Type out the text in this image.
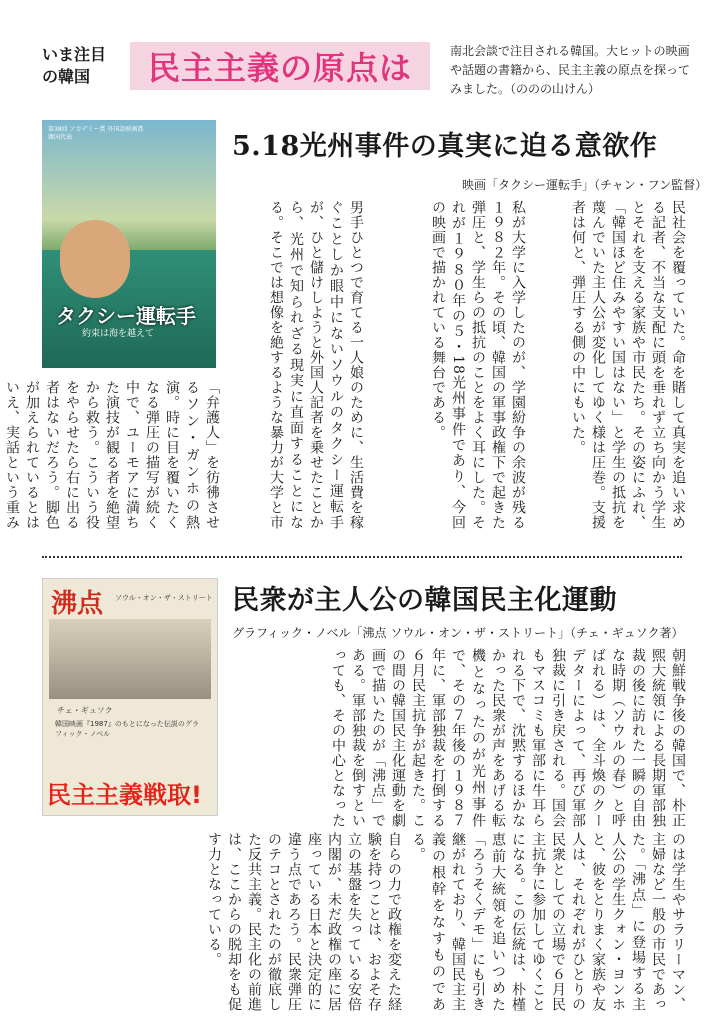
いま注目の韓国	民主主義の原点は	南北会談で注目される韓国。大ヒットの映画や話題の書籍から、民主主義の原点を探ってみました。（ののの山けん）
第38回 アカデミー賞 外国語映画賞 韓国代表
タクシー運転手
約束は海を越えて
5.18光州事件の真実に迫る意欲作
映画「タクシー運転手」（チャン・フン監督）
民社会を覆っていた。命を賭して真実を追い求める記者、不当な支配に頭を垂れず立ち向かう学生とそれを支える家族や市民たち。その姿にふれ、「韓国ほど住みやすい国はない」と学生の抵抗を蔑んでいた主人公が変化してゆく様は圧巻。支援者は何と、弾圧する側の中にもいた。
私が大学に入学したのが、学園紛争の余波が残る１９８２年。その頃、韓国の軍事政権下で起きた弾圧と、学生らの抵抗のことをよく耳にした。それが１９８０年の５・18光州事件であり、今回の映画で描かれている舞台である。
男手ひとつで育てる一人娘のために、生活費を稼ぐことしか眼中にないソウルのタクシー運転手が、ひと儲けしようと外国人記者を乗せたことから、光州で知られざる現実に直面することになる。そこでは想像を絶するような暴力が大学と市
「弁護人」を彷彿させるソン・ガンホの熱演。時に目を覆いたくなる弾圧の描写が続く中で、ユーモアに満ちた演技が観る者を絶望から救う。こういう役をやらせたら右に出る者はないだろう。脚色が加えられているとはいえ、実話という重み
沸点 ソウル・オン・ザ・ストリート
チェ・ギュソク
韓国映画『1987』のもとになった伝説のグラフィック・ノベル
民主主義戦取!
民衆が主人公の韓国民主化運動
グラフィック・ノベル「沸点 ソウル・オン・ザ・ストリート」（チェ・ギュソク著）
朝鮮戦争後の韓国で、朴正煕大統領による長期軍部独裁の後に訪れた一瞬の自由な時期（ソウルの春）と呼ばれる）は、全斗煥のクーデターによって、再び軍部独裁に引き戻される。国会もマスコミも軍部に牛耳られる下で、沈黙するほかなかった民衆が声をあげる転機となったのが光州事件で、その７年後の１９８７年に、軍部独裁を打倒する６月民主抗争が起きた。この間の韓国民主化運動を劇画で描いたのが「沸点」である。軍部独裁を倒すといっても、その中心となった
のは学生やサラリーマン、主婦など一般の市民であった。「沸点」に登場する主人公の学生クォン・ヨンホと、彼をとりまく家族や友人は、それぞれがひとりの民衆としての立場で６月民主抗争に参加してゆくことになる。この伝統は、朴槿恵前大統領を追いつめた「ろうそくデモ」にも引き継がれており、韓国民主主義の根幹をなすものである。
自らの力で政権を変えた経験を持つことは、およそ存立の基盤を失っている安倍内閣が、未だ政権の座に居座っている日本と決定的に違う点であろう。民衆弾圧のテコとされたのが徹底した反共主義。民主化の前進は、ここからの脱却をも促す力となっている。
